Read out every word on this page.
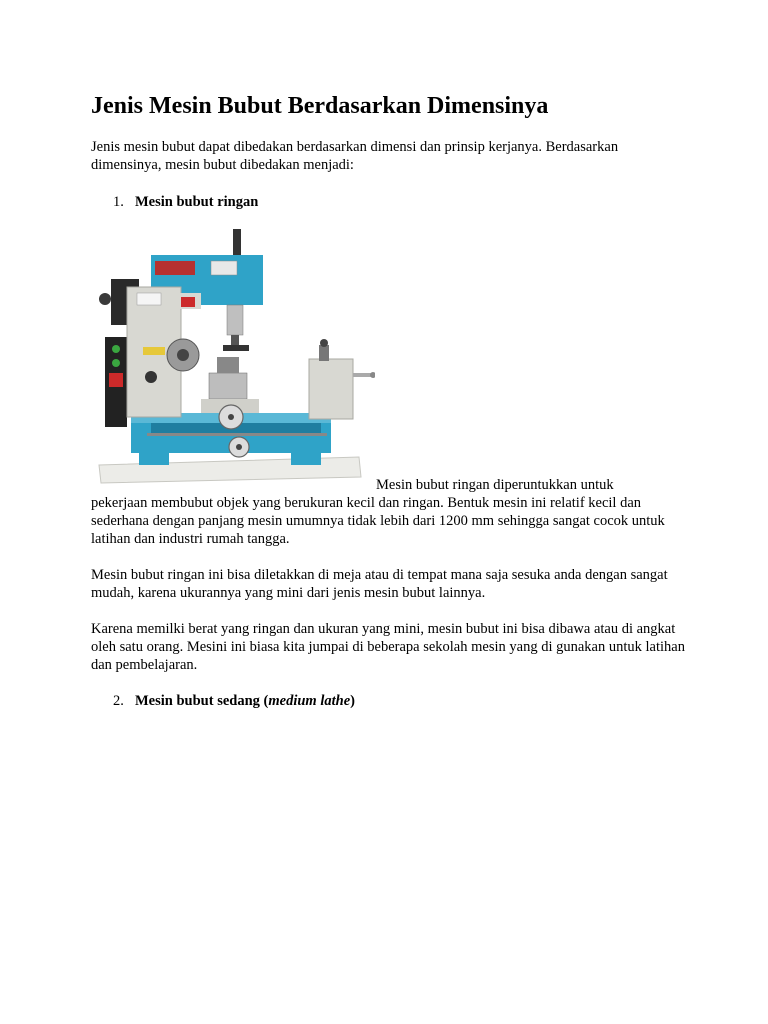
Jenis Mesin Bubut Berdasarkan Dimensinya

Jenis mesin bubut dapat dibedakan berdasarkan dimensi dan prinsip kerjanya. Berdasarkan dimensinya, mesin bubut dibedakan menjadi:

1. Mesin bubut ringan
Mesin bubut ringan diperuntukkan untuk

pekerjaan membubut objek yang berukuran kecil dan ringan. Bentuk mesin ini relatif kecil dan sederhana dengan panjang mesin umumnya tidak lebih dari 1200 mm sehingga sangat cocok untuk latihan dan industri rumah tangga.

Mesin bubut ringan ini bisa diletakkan di meja atau di tempat mana saja sesuka anda dengan sangat mudah, karena ukurannya yang mini dari jenis mesin bubut lainnya.

Karena memilki berat yang ringan dan ukuran yang mini, mesin bubut ini bisa dibawa atau di angkat oleh satu orang. Mesini ini biasa kita jumpai di beberapa sekolah mesin yang di gunakan untuk latihan dan pembelajaran.

2. Mesin bubut sedang (medium lathe)
